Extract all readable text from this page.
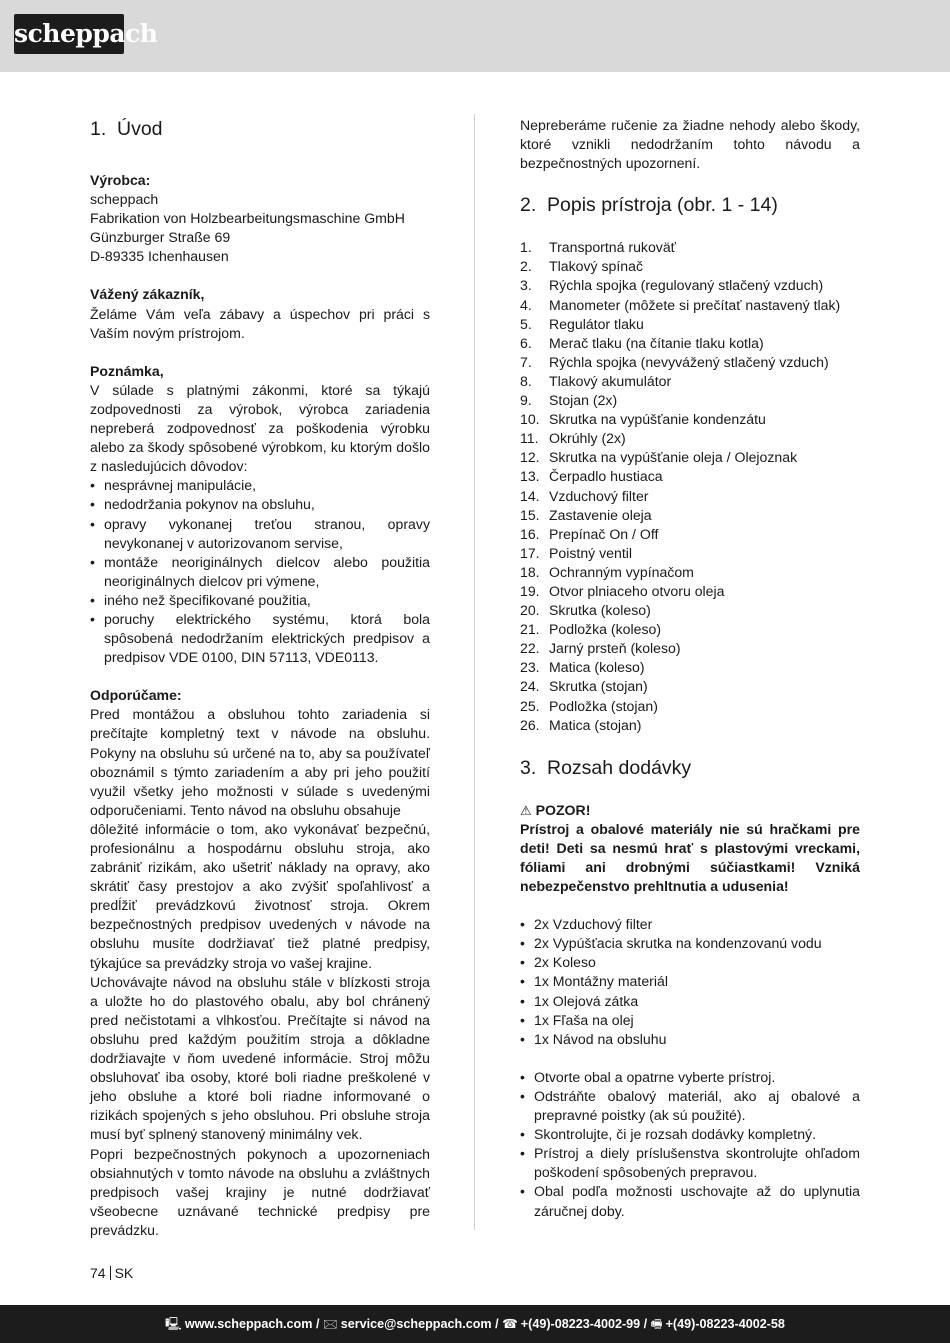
scheppach
1. Úvod

Výrobca:

scheppach
Fabrikation von Holzbearbeitungsmaschine GmbH
Günzburger Straße 69
D-89335 Ichenhausen

Vážený zákazník,

Želáme Vám veľa zábavy a úspechov pri práci s Vaším novým prístrojom.

Poznámka,

V súlade s platnými zákonmi, ktoré sa týkajú zodpovednosti za výrobok, výrobca zariadenia nepreberá zodpovednosť za poškodenia výrobku alebo za škody spôsobené výrobkom, ku ktorým došlo z nasledujúcich dôvodov:

• nesprávnej manipulácie,
• nedodržania pokynov na obsluhu,
• opravy vykonanej treťou stranou, opravy nevykonanej v autorizovanom servise,
• montáže neoriginálnych dielcov alebo použitia neoriginálnych dielcov pri výmene,
• iného než špecifikované použitia,
• poruchy elektrického systému, ktorá bola spôsobená nedodržaním elektrických predpisov a predpisov VDE 0100, DIN 57113, VDE0113.

Odporúčame:

Pred montážou a obsluhou tohto zariadenia si prečítajte kompletný text v návode na obsluhu. Pokyny na obsluhu sú určené na to, aby sa používateľ oboznámil s týmto zariadením a aby pri jeho použití využil všetky jeho možnosti v súlade s uvedenými odporučeniami. Tento návod na obsluhu obsahuje

dôležité informácie o tom, ako vykonávať bezpečnú, profesionálnu a hospodárnu obsluhu stroja, ako zabrániť rizikám, ako ušetriť náklady na opravy, ako skrátiť časy prestojov a ako zvýšiť spoľahlivosť a predĺžiť prevádzkovú životnosť stroja. Okrem bezpečnostných predpisov uvedených v návode na obsluhu musíte dodržiavať tiež platné predpisy, týkajúce sa prevádzky stroja vo vašej krajine.

Uchovávajte návod na obsluhu stále v blízkosti stroja a uložte ho do plastového obalu, aby bol chránený pred nečistotami a vlhkosťou. Prečítajte si návod na obsluhu pred každým použitím stroja a dôkladne dodržiavajte v ňom uvedené informácie. Stroj môžu obsluhovať iba osoby, ktoré boli riadne preškolené v jeho obsluhe a ktoré boli riadne informované o rizikách spojených s jeho obsluhou. Pri obsluhe stroja musí byť splnený stanovený minimálny vek.

Popri bezpečnostných pokynoch a upozorneniach obsiahnutých v tomto návode na obsluhu a zvláštnych predpisoch vašej krajiny je nutné dodržiavať všeobecne uznávané technické predpisy pre prevádzku.

Nepreberáme ručenie za žiadne nehody alebo škody, ktoré vznikli nedodržaním tohto návodu a bezpečnostných upozornení.

2. Popis prístroja (obr. 1 - 14)
1.	Transportná rukoväť
2.	Tlakový spínač
3.	Rýchla spojka (regulovaný stlačený vzduch)
4.	Manometer (môžete si prečítať nastavený tlak)
5.	Regulátor tlaku
6.	Merač tlaku (na čítanie tlaku kotla)
7.	Rýchla spojka (nevyvážený stlačený vzduch)
8.	Tlakový akumulátor
9.	Stojan (2x)
10. Skrutka na vypúšťanie kondenzátu
11. Okrúhly (2x)
12. Skrutka na vypúšťanie oleja / Olejoznak
13. Čerpadlo hustiaca
14. Vzduchový filter
15. Zastavenie oleja
16. Prepínač On / Off
17. Poistný ventil
18. Ochranným vypínačom
19. Otvor plniaceho otvoru oleja
20. Skrutka (koleso)
21. Podložka (koleso)
22. Jarný prsteň (koleso)
23. Matica (koleso)
24. Skrutka (stojan)
25. Podložka (stojan)
26. Matica (stojan)
3. Rozsah dodávky

⚠ POZOR!

Prístroj a obalové materiály nie sú hračkami pre deti! Deti sa nesmú hrať s plastovými vreckami, fóliami ani drobnými súčiastkami! Vzniká nebezpečenstvo prehltnutia a udusenia!

• 2x Vzduchový filter
• 2x Vypúšťacia skrutka na kondenzovanú vodu
• 2x Koleso
• 1x Montážny materiál
• 1x Olejová zátka
• 1x Fľaša na olej
• 1x Návod na obsluhu
• Otvorte obal a opatrne vyberte prístroj.
• Odstráňte obalový materiál, ako aj obalové a prepravné poistky (ak sú použité).
• Skontrolujte, či je rozsah dodávky kompletný.
• Prístroj a diely príslušenstva skontrolujte ohľadom poškodení spôsobených prepravou.
• Obal podľa možnosti uschovajte až do uplynutia záručnej doby.
74 SK
🖳 www.scheppach.com / 🖂 service@scheppach.com / ☎ +(49)-08223-4002-99 / 🖷 +(49)-08223-4002-58
